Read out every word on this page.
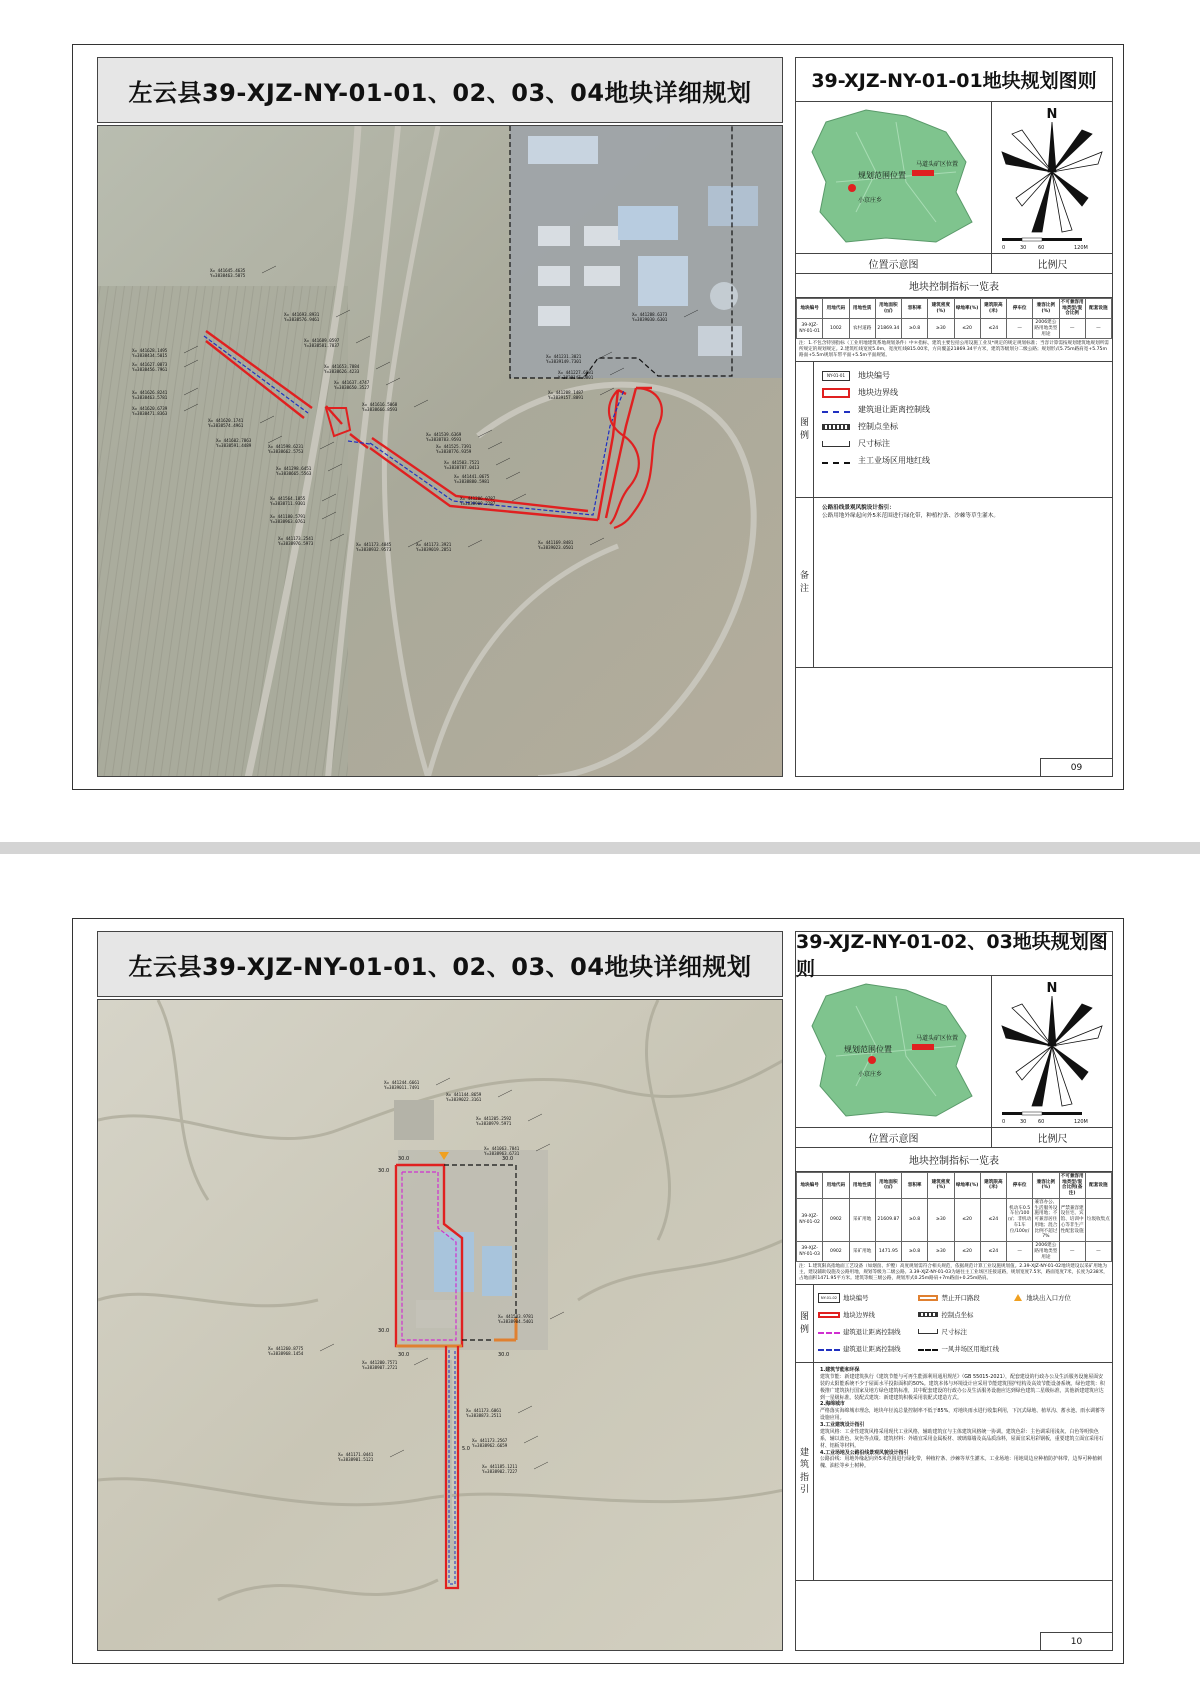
左云县39-XJZ-NY-01-01、02、03、04地块详细规划
X= 441645.4635
Y=3838463.5875
X= 441628.1495
Y=3838434.5015
X= 441627.0873
Y=3838456.7961
X= 441626.8241
Y=3838463.5781
X= 441620.6739
Y=3838471.8363
X= 441693.8931
Y=3838576.9461
X= 441689.0597
Y=3838581.7837
X= 441653.7884
Y=3838626.4233
X= 441637.4747
Y=3838650.3527
X= 441616.5068
Y=3838666.8593
X= 441620.1741
Y=3838574.4961
X= 441602.7863
Y=3838591.4489	X= 441598.6231
Y=3838662.5753
X= 441298.6451
Y=3838665.5563
X= 441564.1855
Y=3838711.9301
X= 441539.6369
Y=3838783.9593
X= 441525.7391
Y=3838776.9359
X= 441503.7521
Y=3838787.0413
X= 441441.0675
Y=3838880.5981
X= 441286.0787
Y=3838909.2287
X= 441180.5791
Y=3838963.0761
X= 441173.2541
Y=3838976.5973	X= 441173.4845
Y=3838932.9573
X= 441173.3921
Y=3839019.2851
X= 441169.8481
Y=3839023.0501
X= 441288.6373
Y=3839030.6301
X= 441231.3021
Y=3839149.7301
X= 441227.6881
Y=3839147.6801
X= 441208.1487
Y=3839157.8091
39-XJZ-NY-01-01地块规划图则
规划范围位置
马道头矿区位置
小京庄乡
位置示意图
N
0	30 60	120M
比例尺
地块控制指标一览表
地块编号	用地代码	用地性质	用地面积(㎡)	容积率	建筑密度(%)	绿地率(%)	建筑限高(米)	停车位	兼容比例(%)	不可兼容用地类型/混合比例	配套设施
39-XJZ-NY-01-01	1002	农村道路	21869.34	≥0.8	≥30	≤20	≤24	—	2006建公路用地类型用途	—	—
注：1.不包含特别指标（工业用地建筑系地规划条件）中＊指标，建筑主要包括公用设施工业及*规定的规定规划标准；当容计算需按规划建筑地规划所需所规定的规划规定。2.建筑红线宽度5.0m，宽度红线815.00米，方向覆盖21869.34平方米，建筑等级划分二级公路；规划形式5.75m路肩宽+5.75m路面+5.5m规划车带平面+5.5m平面规划。
图例
NY-01-01	地块编号
地块边界线
建筑退让距离控制线
控制点坐标
尺寸标注
主工业场区用地红线
备注
公路沿线景观风貌设计指引：
公路用地外缘起向外5米范围进行绿化带，种植柠条、沙棘等草生灌木。
09
左云县39-XJZ-NY-01-01、02、03、04地块详细规划
30.0	30.0
30.0
30.0
30.0	30.0
5.0
X= 441244.6661
Y=3839011.7491
X= 441144.8659
Y=3839022.3161
X= 441205.2592
Y=3838979.5971
X= 441063.7841
Y=3838963.6731
X= 441503.9781
Y=3838904.5401
X= 441260.8775
Y=3838968.1454
X= 441200.7571
Y=3838907.2721
X= 441173.6061
Y=3838873.2511
X= 441173.2567
Y=3838962.6659
X= 441171.0441
Y=3838901.5121
X= 441185.1211
Y=3838902.7227
39-XJZ-NY-01-02、03地块规划图则
规划范围位置
马道头矿区位置
小京庄乡
位置示意图
N
0	30 60	120M
比例尺
地块控制指标一览表
地块编号	用地代码	用地性质	用地面积(㎡)	容积率	建筑密度(%)	绿地率(%)	建筑限高(米)	停车位	兼容比例(%)	不可兼容用地类型/混合比例(备注)	配套设施
39-XJZ-NY-01-02	0902	采矿用地	21609.87	≥0.8	≥30	≤20	≤24	机动车0.5车位/100㎡；非机动车1车位/100㎡	兼容办公、生活服务设施用地；不可兼容居住用地；混合比例不超过7%	严禁兼容建设住宅、宾馆、培训中心等非生产性配套设施	垃圾收集点
39-XJZ-NY-01-03	0902	采矿用地	1471.95	≥0.8	≥30	≤20	≤24	—	2006建公路用地类型用途	—	—
注：1.建筑限高指地面工艺设备（如烟囱、炉膛）高度规划需符合相关规范，依据规范计算工业设施规划值。2.39-XJZ-NY-01-02地块建设以采矿用地为主，建设辅助设施及公路用地，规划等级为二级公路。3.39-XJZ-NY-01-03为通往主工业场区连接道路，规划宽度7.5米，路面宽度7米，长度为238米，占地面积1471.95平方米。建筑等级三级公路，规划形式0.25m路肩+7m路面+0.25m路肩。
图例
NY-01-02 地块编号	禁止开口路段	地块出入口方位
地块边界线	控制点坐标
建筑退让距离控制线	尺寸标注
建筑退让距离控制线	一风井场区用地红线
建筑指引
1.建筑节能和环保
建筑节能：新建建筑执行《建筑节能与可再生能源利用通用规范》（GB 55015-2021），配套建设的行政办公及生活服务设施屋面安装的太阳能系统不少于屋面水平投影面积的50%。建筑本体与环境设计应采用节能建筑围护结构及高效节能设备系统。绿色建筑：积极推广建筑执行国家及地方绿色建筑标准，其中配套建设的行政办公及生活服务设施应达到绿色建筑二星级标准，其他新建建筑应达到一星级标准。装配式建筑：新建建筑积极采用装配式建造方式。
2.海绵城市
严格落实海绵城市理念，地块年径流总量控制率不低于85%，对地块雨水进行收集利用，下沉式绿地、植草沟、蓄水池、雨水调蓄等设施应用。
3.工业建筑设计指引
建筑风格：工业性建筑风格采用现代工业风格，辅助建筑宜与主体建筑风格统一协调。建筑色彩：主色调采用浅灰、白色等明快色系，辅以蓝色、灰色等点缀。建筑材料：外墙宜采用金属板材、玻璃幕墙及高品质涂料，屋面宜采用彩钢板，重要建筑立面宜采用石材、铝板等材料。
4.工业场地及公路沿线景观风貌设计指引
公路沿线：用地外缘起向外5米范围进行绿化带，种植柠条、沙棘等草生灌木。工业场地：用地周边应种植防护林带，边界可种植刺槐、油松等乡土树种。
10
